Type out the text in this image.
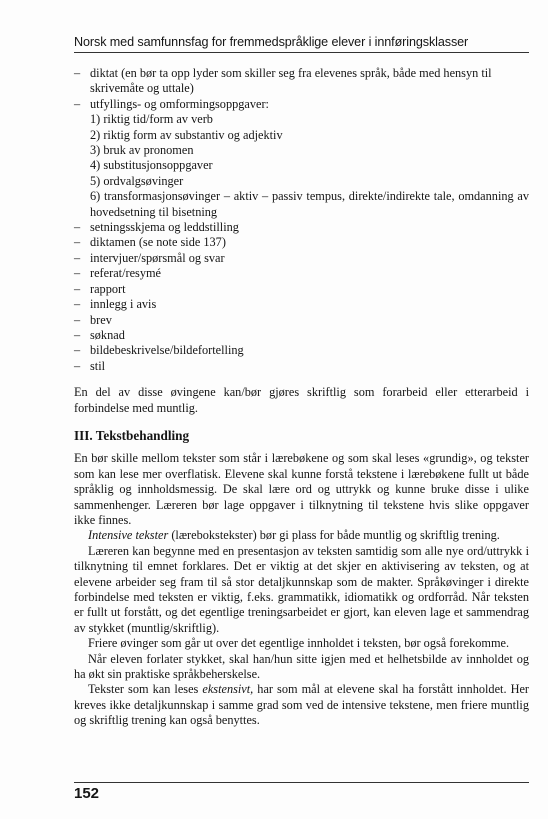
Norsk med samfunnsfag for fremmedspråklige elever i innføringsklasser

– diktat (en bør ta opp lyder som skiller seg fra elevenes språk, både med hensyn til skrivemåte og uttale)

– utfyllings- og omformingsoppgaver:

1) riktig tid/form av verb

2) riktig form av substantiv og adjektiv

3) bruk av pronomen

4) substitusjonsoppgaver

5) ordvalgsøvinger

6) transformasjonsøvinger – aktiv – passiv tempus, direkte/indirekte tale, omdanning av hovedsetning til bisetning

– setningsskjema og leddstilling

– diktamen (se note side 137)

– intervjuer/spørsmål og svar

– referat/resymé

– rapport

– innlegg i avis

– brev

– søknad

– bildebeskrivelse/bildefortelling

– stil

En del av disse øvingene kan/bør gjøres skriftlig som forarbeid eller etterarbeid i forbindelse med muntlig.

III. Tekstbehandling

En bør skille mellom tekster som står i lærebøkene og som skal leses «grundig», og tekster som kan lese mer overflatisk. Elevene skal kunne forstå tekstene i lærebøkene fullt ut både språklig og innholdsmessig. De skal lære ord og uttrykk og kunne bruke disse i ulike sammenhenger. Læreren bør lage oppgaver i tilknytning til tekstene hvis slike oppgaver ikke finnes.

Intensive tekster (lærebokstekster) bør gi plass for både muntlig og skriftlig trening.

Læreren kan begynne med en presentasjon av teksten samtidig som alle nye ord/uttrykk i tilknytning til emnet forklares. Det er viktig at det skjer en aktivisering av teksten, og at elevene arbeider seg fram til så stor detaljkunnskap som de makter. Språkøvinger i direkte forbindelse med teksten er viktig, f.eks. grammatikk, idiomatikk og ordforråd. Når teksten er fullt ut forstått, og det egentlige treningsarbeidet er gjort, kan eleven lage et sammendrag av stykket (muntlig/skriftlig).

Friere øvinger som går ut over det egentlige innholdet i teksten, bør også forekomme.

Når eleven forlater stykket, skal han/hun sitte igjen med et helhetsbilde av innholdet og ha økt sin praktiske språkbeherskelse.

Tekster som kan leses ekstensivt, har som mål at elevene skal ha forstått innholdet. Her kreves ikke detaljkunnskap i samme grad som ved de intensive tekstene, men friere muntlig og skriftlig trening kan også benyttes.

152
